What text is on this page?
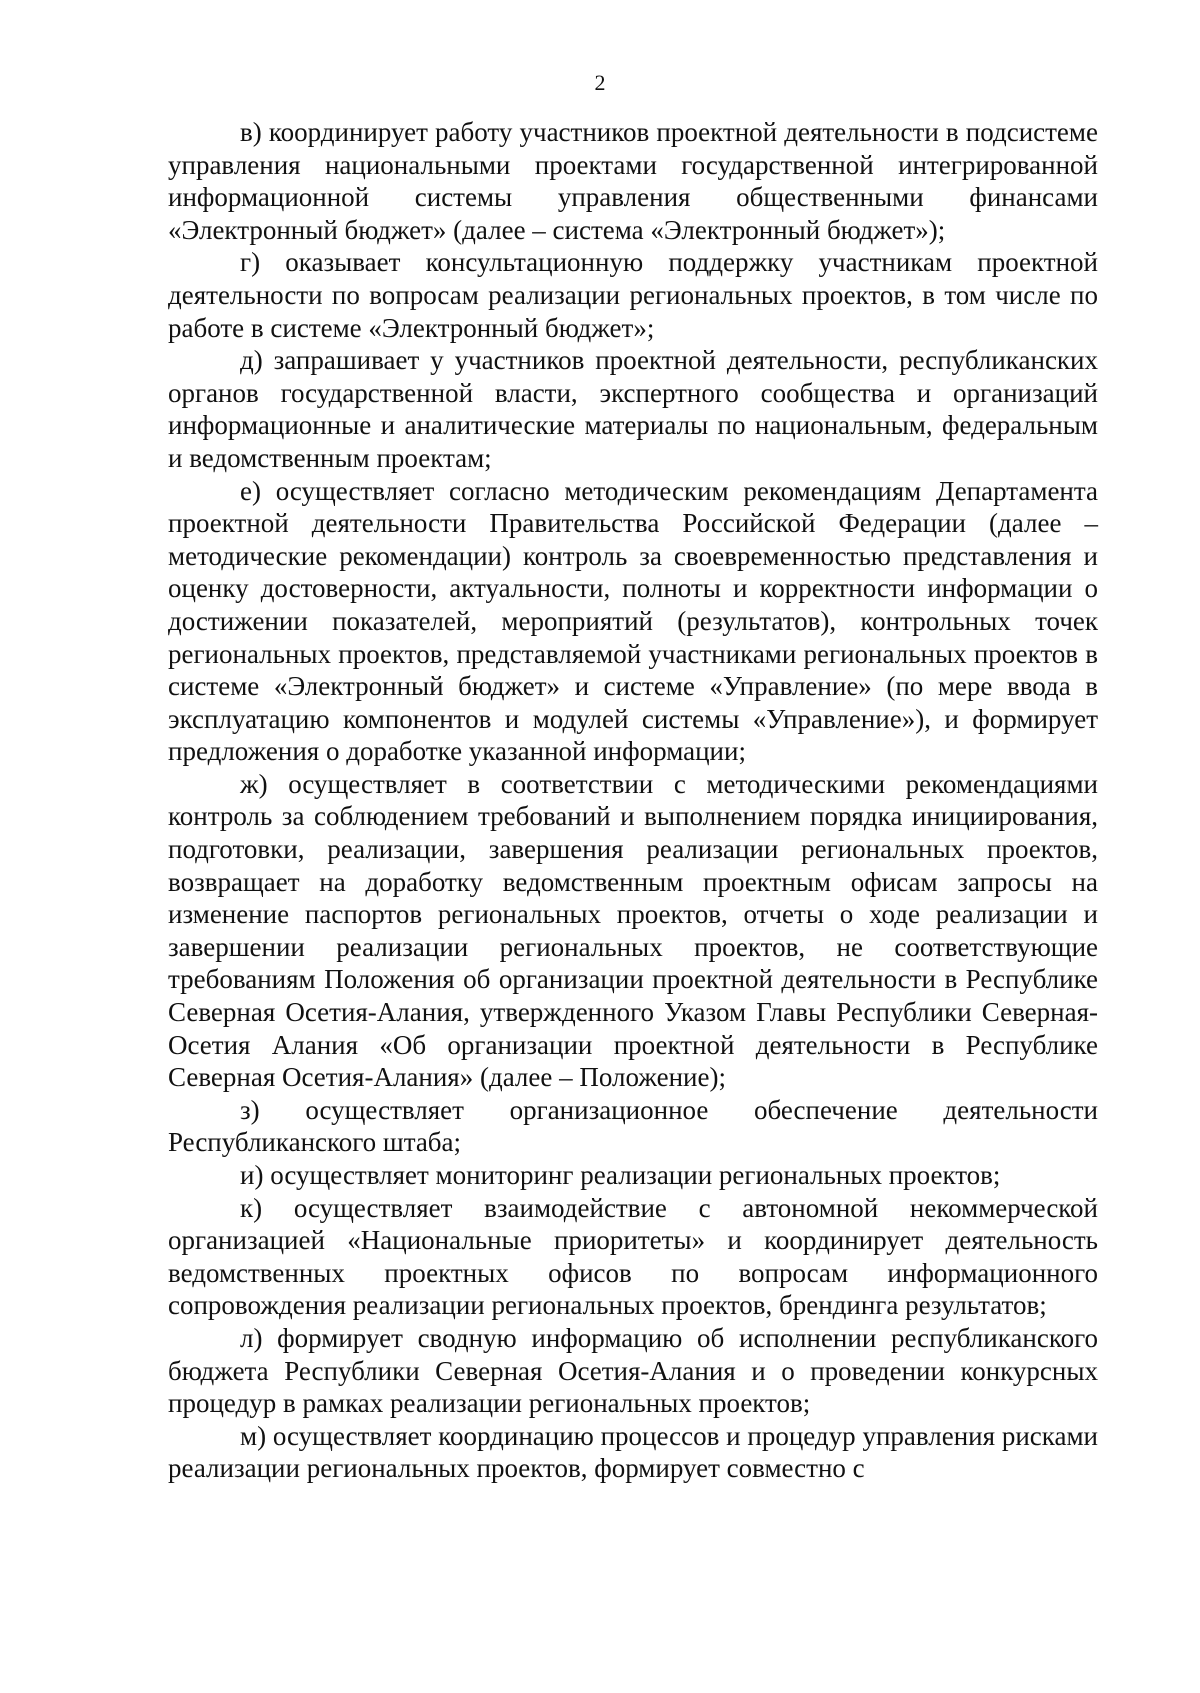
2

в) координирует работу участников проектной деятельности в подсистеме управления национальными проектами государственной интегрированной информационной системы управления общественными финансами «Электронный бюджет» (далее – система «Электронный бюджет»);

г) оказывает консультационную поддержку участникам проектной деятельности по вопросам реализации региональных проектов, в том числе по работе в системе «Электронный бюджет»;

д) запрашивает у участников проектной деятельности, республиканских органов государственной власти, экспертного сообщества и организаций информационные и аналитические материалы по национальным, федеральным и ведомственным проектам;

е) осуществляет согласно методическим рекомендациям Департамента проектной деятельности Правительства Российской Федерации (далее – методические рекомендации) контроль за своевременностью представления и оценку достоверности, актуальности, полноты и корректности информации о достижении показателей, мероприятий (результатов), контрольных точек региональных проектов, представляемой участниками региональных проектов в системе «Электронный бюджет» и системе «Управление» (по мере ввода в эксплуатацию компонентов и модулей системы «Управление»), и формирует предложения о доработке указанной информации;

ж) осуществляет в соответствии с методическими рекомендациями контроль за соблюдением требований и выполнением порядка инициирования, подготовки, реализации, завершения реализации региональных проектов, возвращает на доработку ведомственным проектным офисам запросы на изменение паспортов региональных проектов, отчеты о ходе реализации и завершении реализации региональных проектов, не соответствующие требованиям Положения об организации проектной деятельности в Республике Северная Осетия-Алания, утвержденного Указом Главы Республики Северная-Осетия Алания «Об организации проектной деятельности в Республике Северная Осетия-Алания» (далее – Положение);

з) осуществляет организационное обеспечение деятельности Республиканского штаба;

и) осуществляет мониторинг реализации региональных проектов;

к) осуществляет взаимодействие с автономной некоммерческой организацией «Национальные приоритеты» и координирует деятельность ведомственных проектных офисов по вопросам информационного сопровождения реализации региональных проектов, брендинга результатов;

л) формирует сводную информацию об исполнении республиканского бюджета Республики Северная Осетия-Алания и о проведении конкурсных процедур в рамках реализации региональных проектов;

м) осуществляет координацию процессов и процедур управления рисками реализации региональных проектов, формирует совместно с
